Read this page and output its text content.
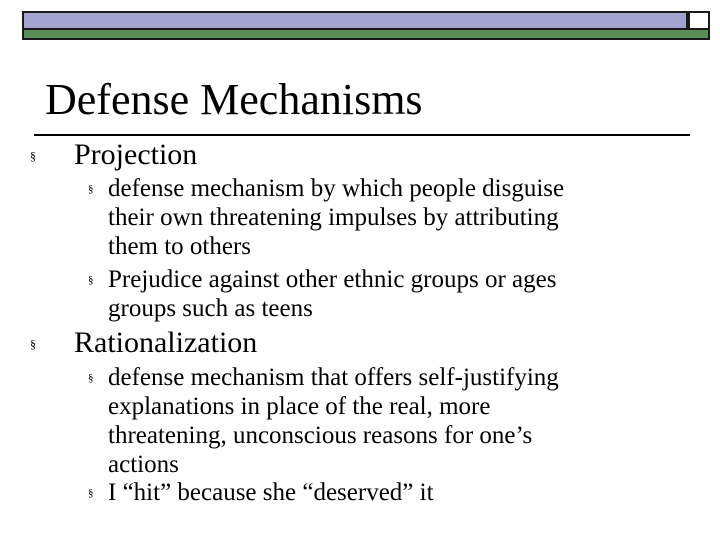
Defense Mechanisms
§ Projection
§ defense mechanism by which people disguise
their own threatening impulses by attributing
them to others
§ Prejudice against other ethnic groups or ages
groups such as teens
§ Rationalization
§ defense mechanism that offers self-justifying
explanations in place of the real, more
threatening, unconscious reasons for one’s
actions
§ I “hit” because she “deserved” it
